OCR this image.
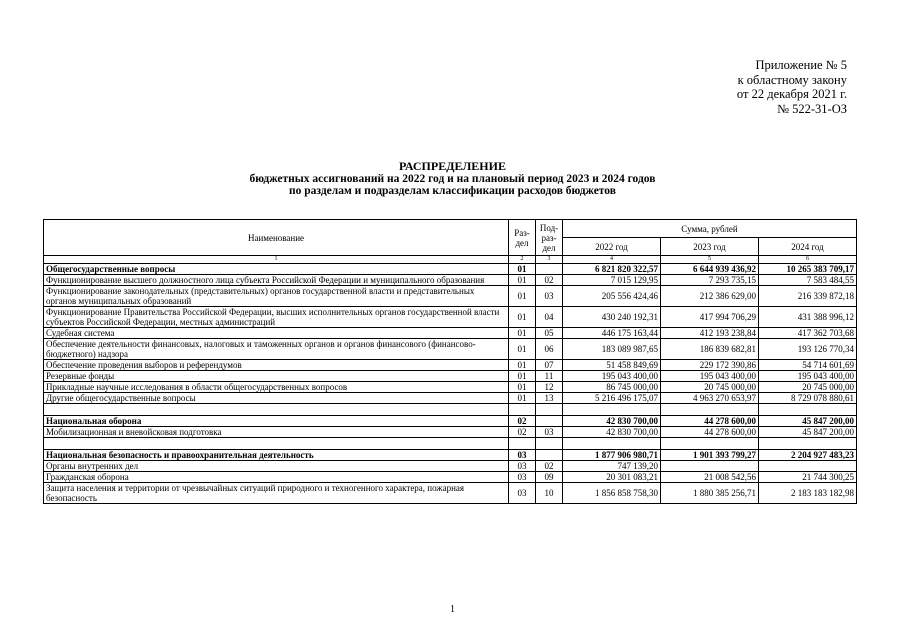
Приложение № 5
к областному закону
от 22 декабря 2021 г.
№ 522-31-ОЗ
РАСПРЕДЕЛЕНИЕ
бюджетных ассигнований на 2022 год и на плановый период 2023 и 2024 годов
по разделам и подразделам классификации расходов бюджетов
Наименование	Раз-дел	Под-раз-дел	Сумма, рублей		
			2022 год	2023 год	2024 год
1	2	3	4	5	6
Общегосударственные вопросы	01		6 821 820 322,57	6 644 939 436,92	10 265 383 709,17
Функционирование высшего должностного лица субъекта Российской Федерации и муниципального образования	01	02	7 015 129,95	7 293 735,15	7 583 484,55
Функционирование законодательных (представительных) органов государственной власти и представительных органов муниципальных образований	01	03	205 556 424,46	212 386 629,00	216 339 872,18
Функционирование Правительства Российской Федерации, высших исполнительных органов государственной власти субъектов Российской Федерации, местных администраций	01	04	430 240 192,31	417 994 706,29	431 388 996,12
Судебная система	01	05	446 175 163,44	412 193 238,84	417 362 703,68
Обеспечение деятельности финансовых, налоговых и таможенных органов и органов финансового (финансово-бюджетного) надзора	01	06	183 089 987,65	186 839 682,81	193 126 770,34
Обеспечение проведения выборов и референдумов	01	07	51 458 849,69	229 172 390,86	54 714 601,69
Резервные фонды	01	11	195 043 400,00	195 043 400,00	195 043 400,00
Прикладные научные исследования в области общегосударственных вопросов	01	12	86 745 000,00	20 745 000,00	20 745 000,00
Другие общегосударственные вопросы	01	13	5 216 496 175,07	4 963 270 653,97	8 729 078 880,61

Национальная оборона	02		42 830 700,00	44 278 600,00	45 847 200,00
Мобилизационная и вневойсковая подготовка	02	03	42 830 700,00	44 278 600,00	45 847 200,00

Национальная безопасность и правоохранительная деятельность	03		1 877 906 980,71	1 901 393 799,27	2 204 927 483,23
Органы внутренних дел	03	02	747 139,20		
Гражданская оборона	03	09	20 301 083,21	21 008 542,56	21 744 300,25
Защита населения и территории от чрезвычайных ситуаций природного и техногенного характера, пожарная безопасность	03	10	1 856 858 758,30	1 880 385 256,71	2 183 183 182,98
1
